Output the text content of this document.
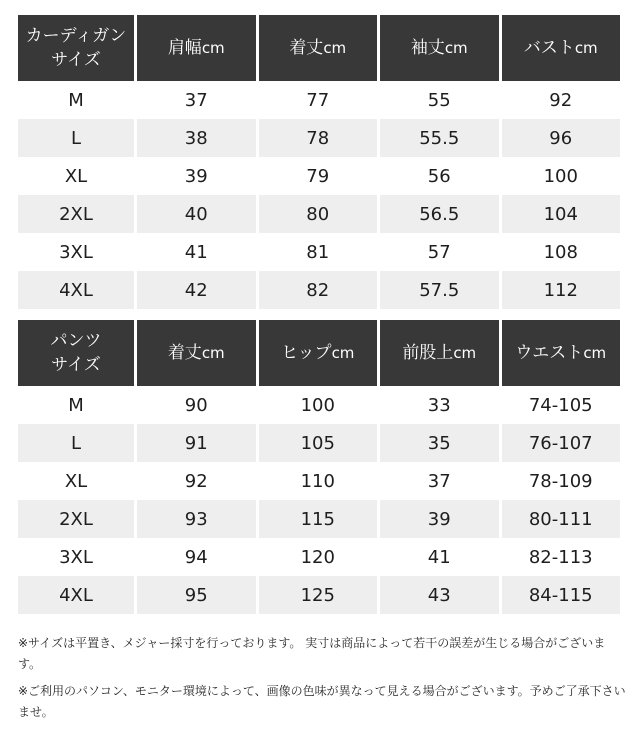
カーディガン
サイズ	肩幅cm	着丈cm	袖丈cm	バストcm
M	37	77	55	92
L	38	78	55.5	96
XL	39	79	56	100
2XL	40	80	56.5	104
3XL	41	81	57	108
4XL	42	82	57.5	112
パンツ
サイズ	着丈cm	ヒップcm	前股上cm	ウエストcm
M	90	100	33	74-105
L	91	105	35	76-107
XL	92	110	37	78-109
2XL	93	115	39	80-111
3XL	94	120	41	82-113
4XL	95	125	43	84-115

※サイズは平置き、メジャー採寸を行っております。 実寸は商品によって若干の誤差が生じる場合がございます。

※ご利用のパソコン、モニター環境によって、画像の色味が異なって見える場合がございます。予めご了承下さいませ。
